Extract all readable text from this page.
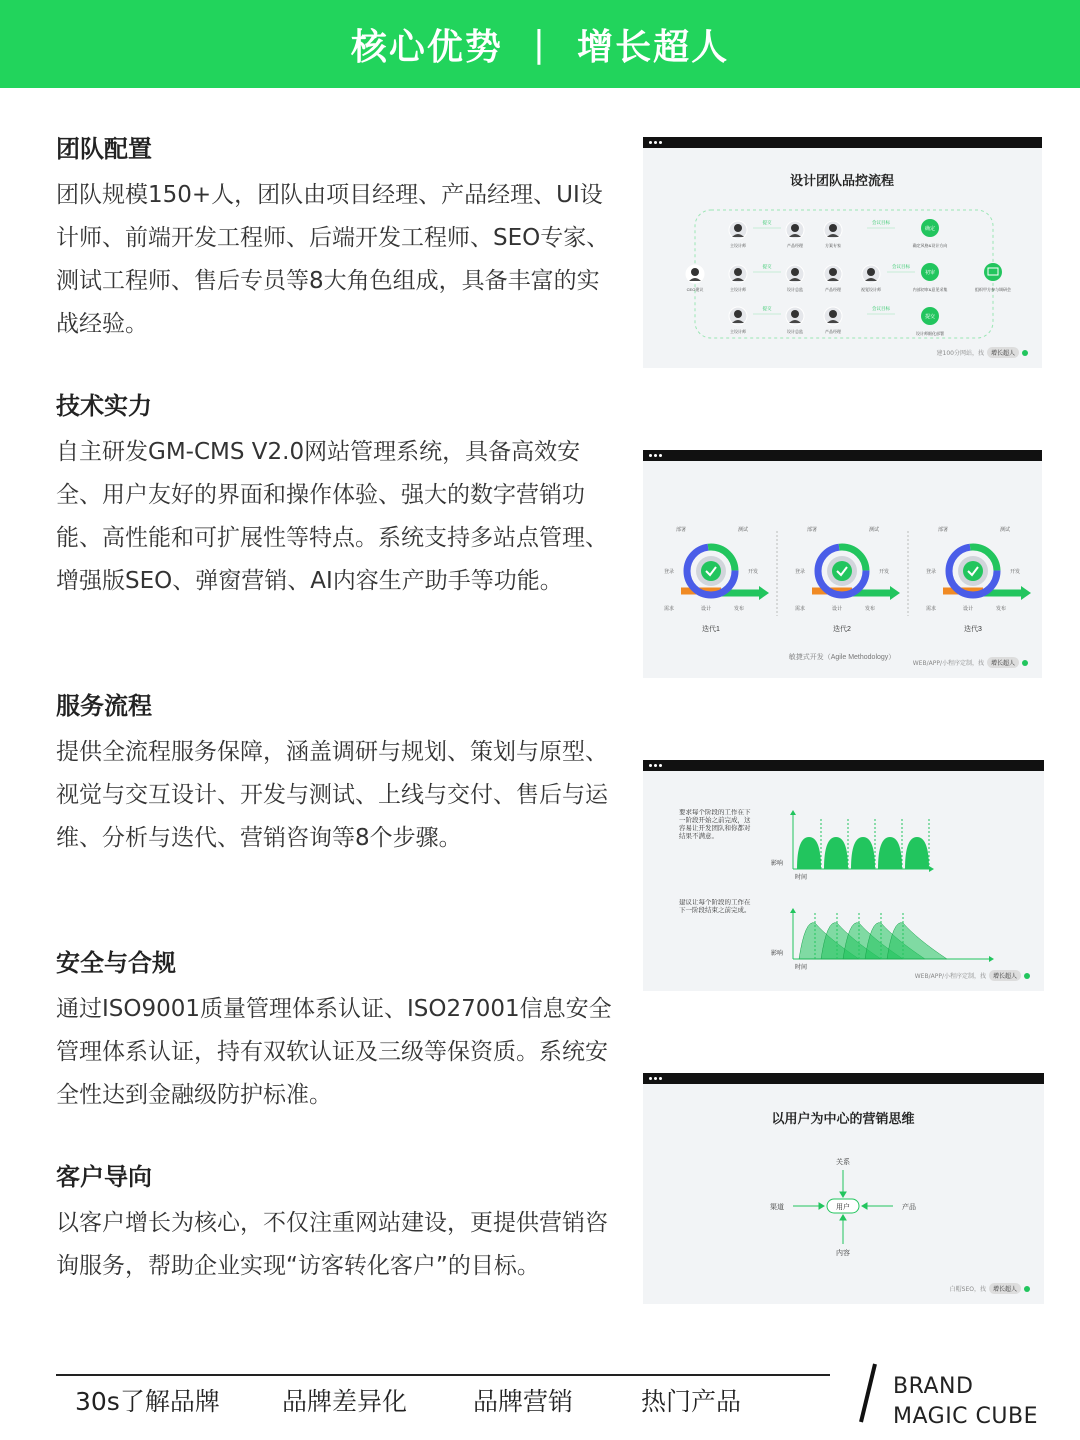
核心优势 | 增长超人
团队配置

团队规模150+人，团队由项目经理、产品经理、UI设计师、前端开发工程师、后端开发工程师、SEO专家、测试工程师、售后专员等8大角色组成，具备丰富的实战经验。

技术实力

自主研发GM-CMS V2.0网站管理系统，具备高效安全、用户友好的界面和操作体验、强大的数字营销功能、高性能和可扩展性等特点。系统支持多站点管理、增强版SEO、弹窗营销、AI内容生产助手等功能。

服务流程

提供全流程服务保障，涵盖调研与规划、策划与原型、视觉与交互设计、开发与测试、上线与交付、售后与运维、分析与迭代、营销咨询等8个步骤。

安全与合规

通过ISO9001质量管理体系认证、ISO27001信息安全管理体系认证，持有双软认证及三级等保资质。系统安全性达到金融级防护标准。

客户导向

以客户增长为核心，不仅注重网站建设，更提供营销咨询服务，帮助企业实现“访客转化客户”的目标。

设计团队品控流程
主设计师	产品经理	方案专家
CEO建议	主设计师	设计总监	产品经理	视觉设计师
主设计师	设计总监	产品经理
提交	会议目标
提交	会议目标
提交	会议目标
确定
初审
提交
确定风格&设计方向
内部初审&意见采集
设计师细化部署
组织甲方参与调研会
建100分网站，找	增长超人
部署	测试
登录	开发
需求	设计	发布
迭代1
部署	测试
登录	开发
需求	设计	发布
迭代2
部署	测试
登录	开发
需求	设计	发布
迭代3
敏捷式开发（Agile Methodology）
WEB/APP/小程序定制，找	增长超人
要求每个阶段的工作在下一阶段开始之前完成，这容易让开发团队和你都对结果不满意。
建议让每个阶段的工作在下一阶段结束之前完成。
影响
时间
影响
时间
WEB/APP/小程序定制，找	增长超人
以用户为中心的营销思维
用户
关系
渠道	产品
内容
白帽SEO，找	增长超人
30s了解品牌 品牌差异化	品牌营销	热门产品
BRAND
MAGIC CUBE
